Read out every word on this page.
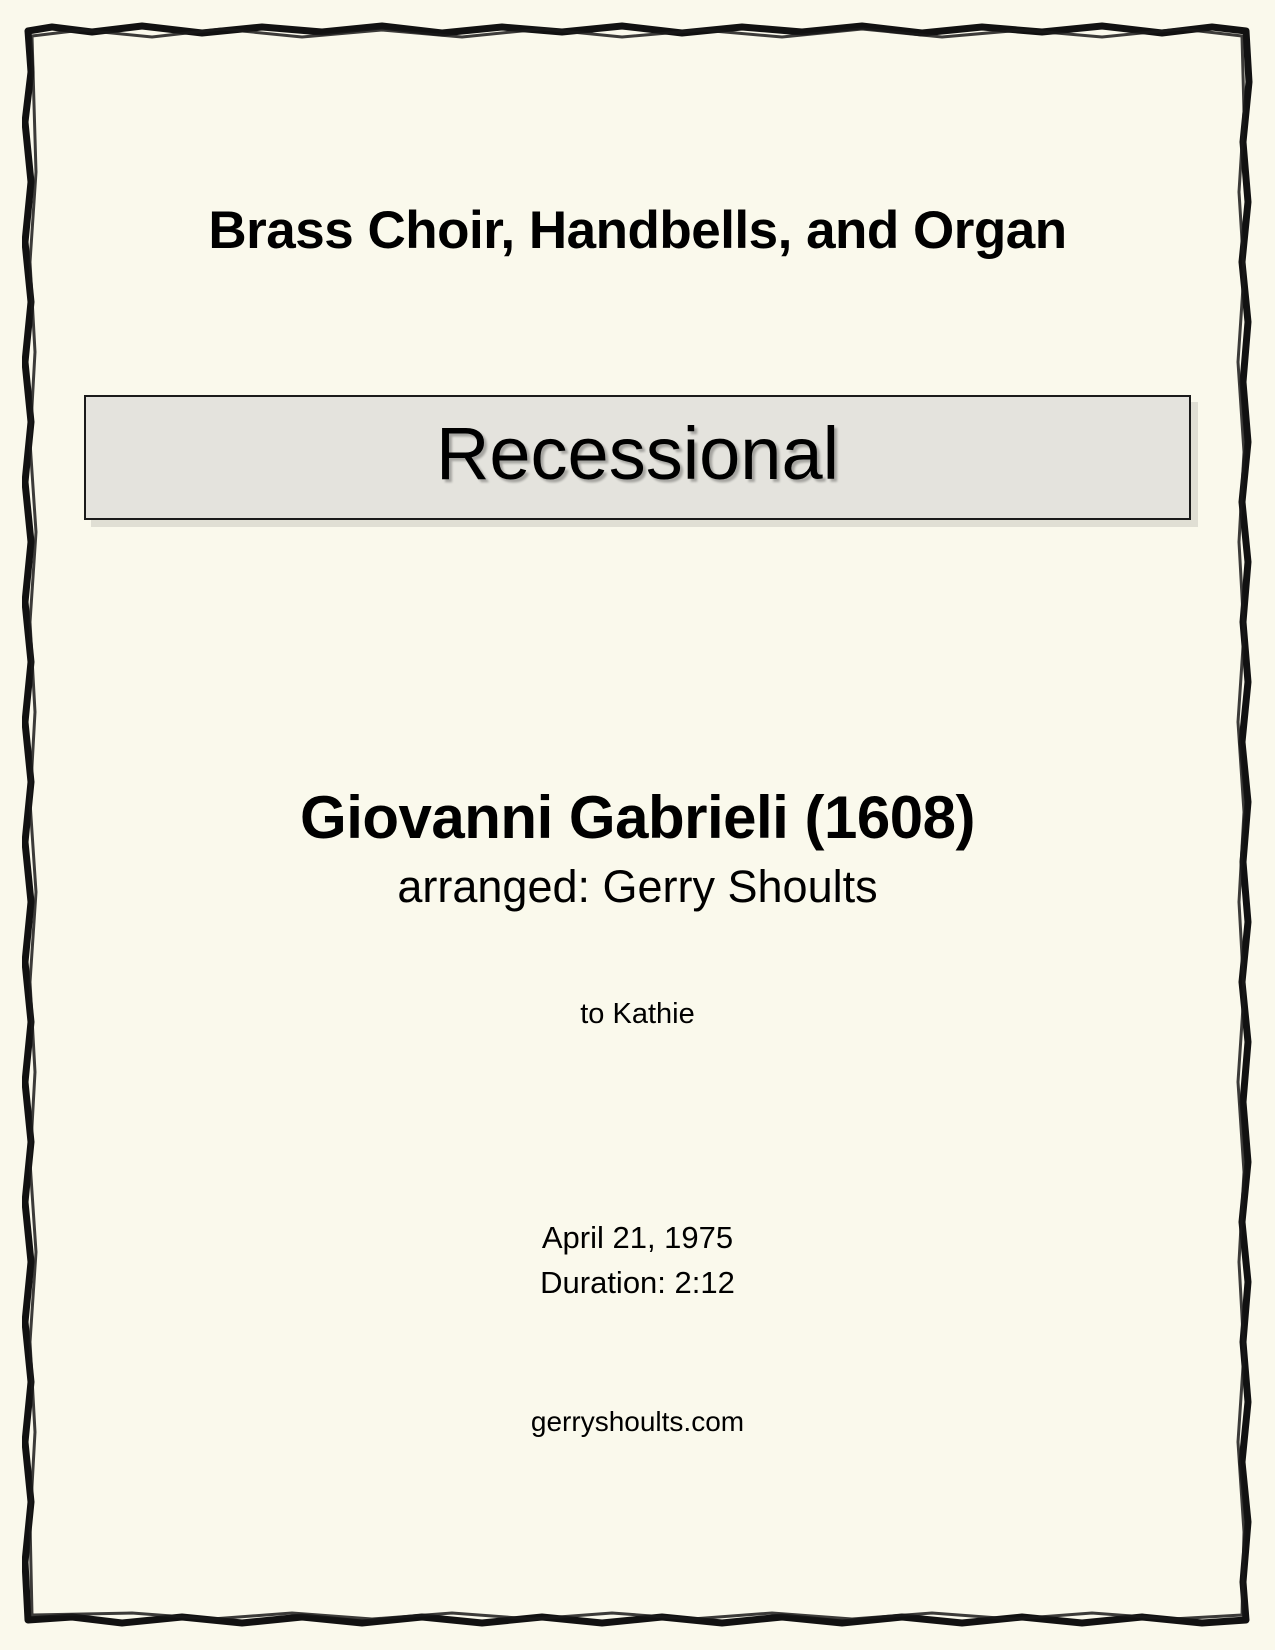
Brass Choir, Handbells, and Organ
Recessional
Giovanni Gabrieli (1608)
arranged: Gerry Shoults
to Kathie
April 21, 1975
Duration: 2:12
gerryshoults.com
